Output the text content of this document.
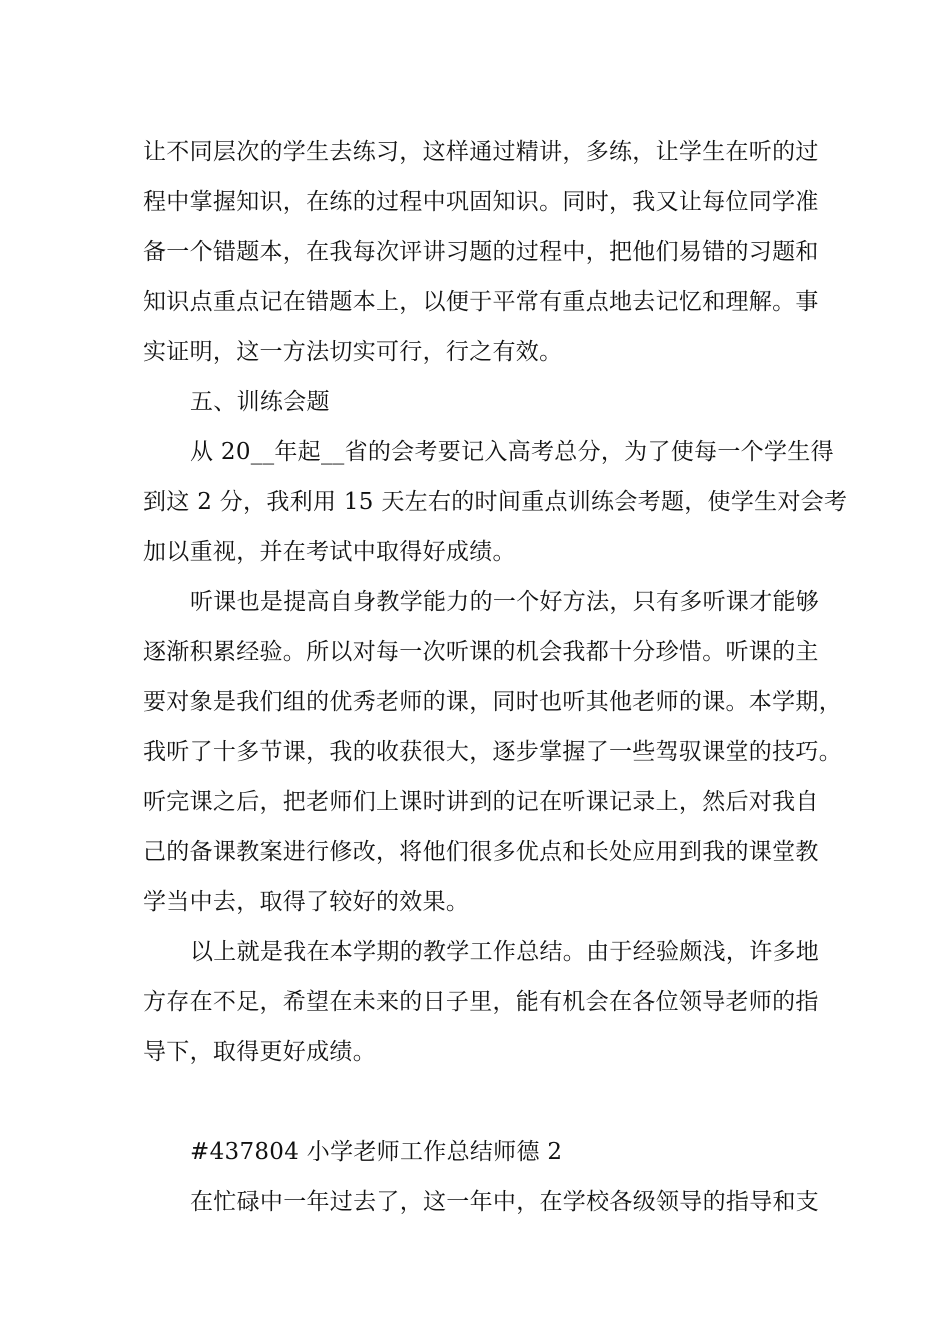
让不同层次的学生去练习，这样通过精讲，多练，让学生在听的过
程中掌握知识，在练的过程中巩固知识。同时，我又让每位同学准
备一个错题本，在我每次评讲习题的过程中，把他们易错的习题和
知识点重点记在错题本上，以便于平常有重点地去记忆和理解。事
实证明，这一方法切实可行，行之有效。
五、训练会题
从 20__年起__省的会考要记入高考总分，为了使每一个学生得
到这 2 分，我利用 15 天左右的时间重点训练会考题，使学生对会考
加以重视，并在考试中取得好成绩。
听课也是提高自身教学能力的一个好方法，只有多听课才能够
逐渐积累经验。所以对每一次听课的机会我都十分珍惜。听课的主
要对象是我们组的优秀老师的课，同时也听其他老师的课。本学期，
我听了十多节课，我的收获很大，逐步掌握了一些驾驭课堂的技巧。
听完课之后，把老师们上课时讲到的记在听课记录上，然后对我自
己的备课教案进行修改，将他们很多优点和长处应用到我的课堂教
学当中去，取得了较好的效果。
以上就是我在本学期的教学工作总结。由于经验颇浅，许多地
方存在不足，希望在未来的日子里，能有机会在各位领导老师的指
导下，取得更好成绩。
#437804 小学老师工作总结师德 2
在忙碌中一年过去了，这一年中，在学校各级领导的指导和支
